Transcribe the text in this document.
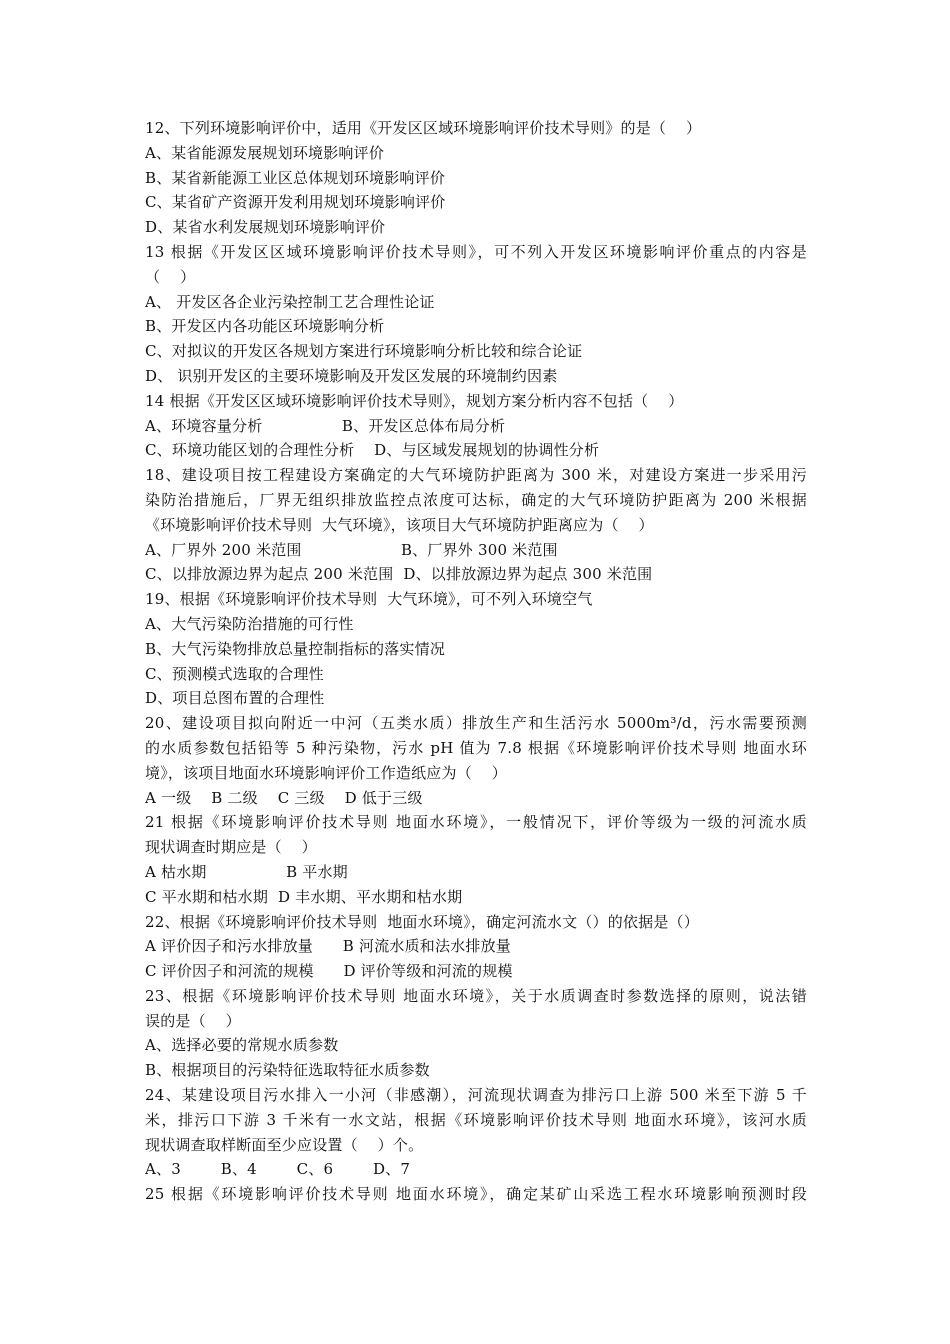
12、下列环境影响评价中，适用《开发区区域环境影响评价技术导则》的是（    ）
A、某省能源发展规划环境影响评价
B、某省新能源工业区总体规划环境影响评价
C、某省矿产资源开发利用规划环境影响评价
D、某省水利发展规划环境影响评价
13 根据《开发区区域环境影响评价技术导则》，可不列入开发区环境影响评价重点的内容是
（    ）
A、 开发区各企业污染控制工艺合理性论证
B、开发区内各功能区环境影响分析
C、对拟议的开发区各规划方案进行环境影响分析比较和综合论证
D、 识别开发区的主要环境影响及开发区发展的环境制约因素
14 根据《开发区区域环境影响评价技术导则》，规划方案分析内容不包括（    ）
A、环境容量分析                B、开发区总体布局分析
C、环境功能区划的合理性分析    D、与区域发展规划的协调性分析
18、建设项目按工程建设方案确定的大气环境防护距离为 300 米，对建设方案进一步采用污
染防治措施后，厂界无组织排放监控点浓度可达标，确定的大气环境防护距离为 200 米根据
《环境影响评价技术导则  大气环境》，该项目大气环境防护距离应为（    ）
A、厂界外 200 米范围                    B、厂界外 300 米范围
C、以排放源边界为起点 200 米范围  D、以排放源边界为起点 300 米范围
19、根据《环境影响评价技术导则  大气环境》，可不列入环境空气
A、大气污染防治措施的可行性
B、大气污染物排放总量控制指标的落实情况
C、预测模式选取的合理性
D、项目总图布置的合理性
20、建设项目拟向附近一中河（五类水质）排放生产和生活污水 5000m³/d，污水需要预测
的水质参数包括铅等 5 种污染物，污水 pH 值为 7.8 根据《环境影响评价技术导则 地面水环
境》，该项目地面水环境影响评价工作造纸应为（    ）
A 一级    B 二级    C 三级    D 低于三级
21 根据《环境影响评价技术导则 地面水环境》，一般情况下，评价等级为一级的河流水质
现状调查时期应是（    ）
A 枯水期                B 平水期
C 平水期和枯水期  D 丰水期、平水期和枯水期
22、根据《环境影响评价技术导则  地面水环境》，确定河流水文（）的依据是（）
A 评价因子和污水排放量      B 河流水质和法水排放量
C 评价因子和河流的规模      D 评价等级和河流的规模
23、根据《环境影响评价技术导则 地面水环境》，关于水质调查时参数选择的原则，说法错
误的是（    ）
A、选择必要的常规水质参数
B、根据项目的污染特征选取特征水质参数
24、某建设项目污水排入一小河（非感潮），河流现状调查为排污口上游 500 米至下游 5 千
米，排污口下游 3 千米有一水文站，根据《环境影响评价技术导则 地面水环境》，该河水质
现状调查取样断面至少应设置（    ）个。
A、3        B、4        C、6        D、7
25 根据《环境影响评价技术导则 地面水环境》，确定某矿山采选工程水环境影响预测时段
